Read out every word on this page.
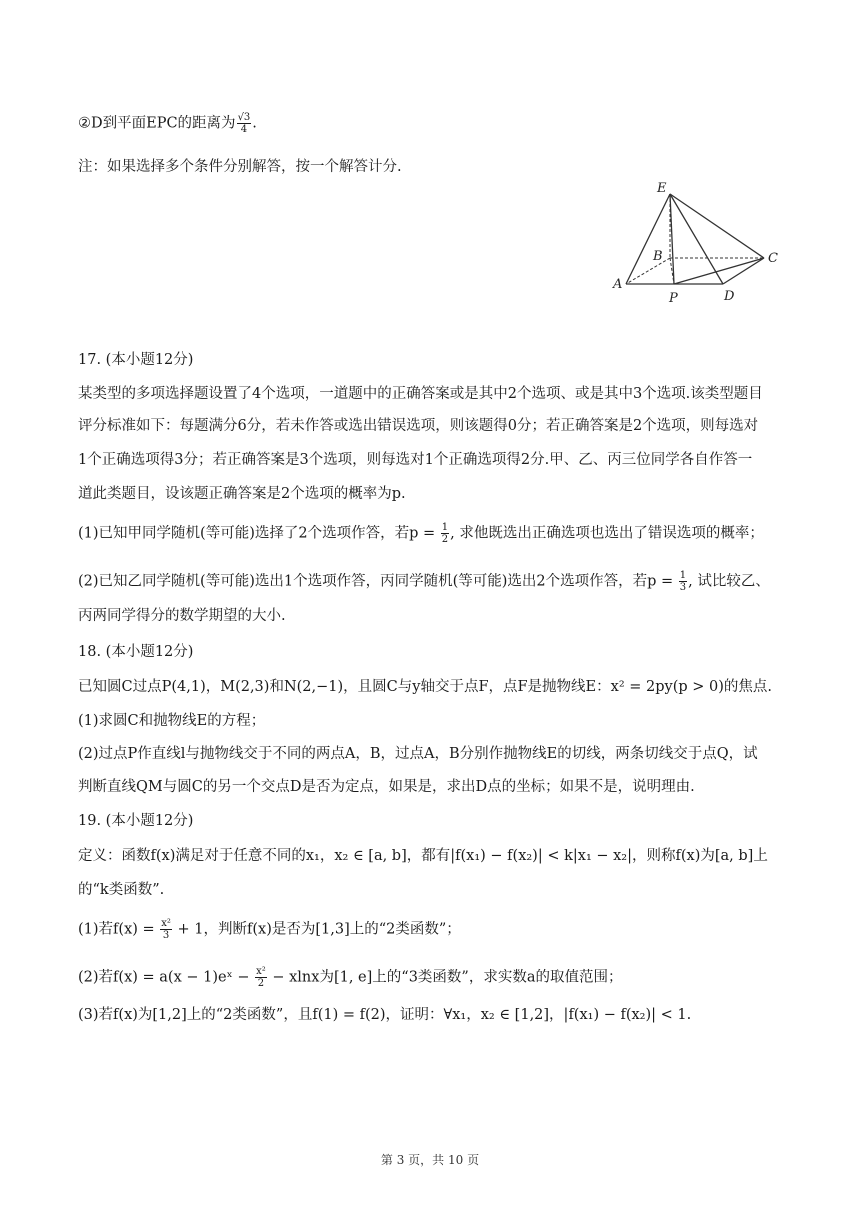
②D到平面EPC的距离为 $\frac{√3}{4}$ .
注：如果选择多个条件分别解答，按一个解答计分.
E
B	C
A
P	D
17. (本小题12分)
某类型的多项选择题设置了4个选项，一道题中的正确答案或是其中2个选项、或是其中3个选项.该类型题目
评分标准如下：每题满分6分，若未作答或选出错误选项，则该题得0分；若正确答案是2个选项，则每选对
1个正确选项得3分；若正确答案是3个选项，则每选对1个正确选项得2分.甲、乙、丙三位同学各自作答一
道此类题目，设该题正确答案是2个选项的概率为p.
(1)已知甲同学随机(等可能)选择了2个选项作答，若$p = \frac{1}{2}$ , 求他既选出正确选项也选出了错误选项的概率；
(2)已知乙同学随机(等可能)选出1个选项作答，丙同学随机(等可能)选出2个选项作答，若$p = \frac{1}{3}$ , 试比较乙、
丙两同学得分的数学期望的大小.
18. (本小题12分)
已知圆C过点P(4,1)，M(2,3)和N(2,−1)，且圆C与y轴交于点F，点F是抛物线E：x² = 2py(p > 0)的焦点.
(1)求圆C和抛物线E的方程；
(2)过点P作直线l与抛物线交于不同的两点A，B，过点A，B分别作抛物线E的切线，两条切线交于点Q，试
判断直线QM与圆C的另一个交点D是否为定点，如果是，求出D点的坐标；如果不是，说明理由.
19. (本小题12分)
定义：函数f(x)满足对于任意不同的x₁，x₂ ∈ [a, b]，都有|f(x₁) − f(x₂)| < k|x₁ − x₂|，则称f(x)为[a, b]上
的“k类函数”.
(1)若$f(x) = \frac{\text{x²}}{3} + 1$，判断f(x)是否为[1,3]上的“2类函数”；
(2)若f(x) = a(x − 1)eˣ − $\frac{\text{x²}}{2} - xlnx$为[1, e]上的“3类函数”，求实数a的取值范围；
(3)若f(x)为[1,2]上的“2类函数”，且f(1) = f(2)，证明：∀x₁，x₂ ∈ [1,2]，|f(x₁) − f(x₂)| < 1.
第 3 页，共 10 页
